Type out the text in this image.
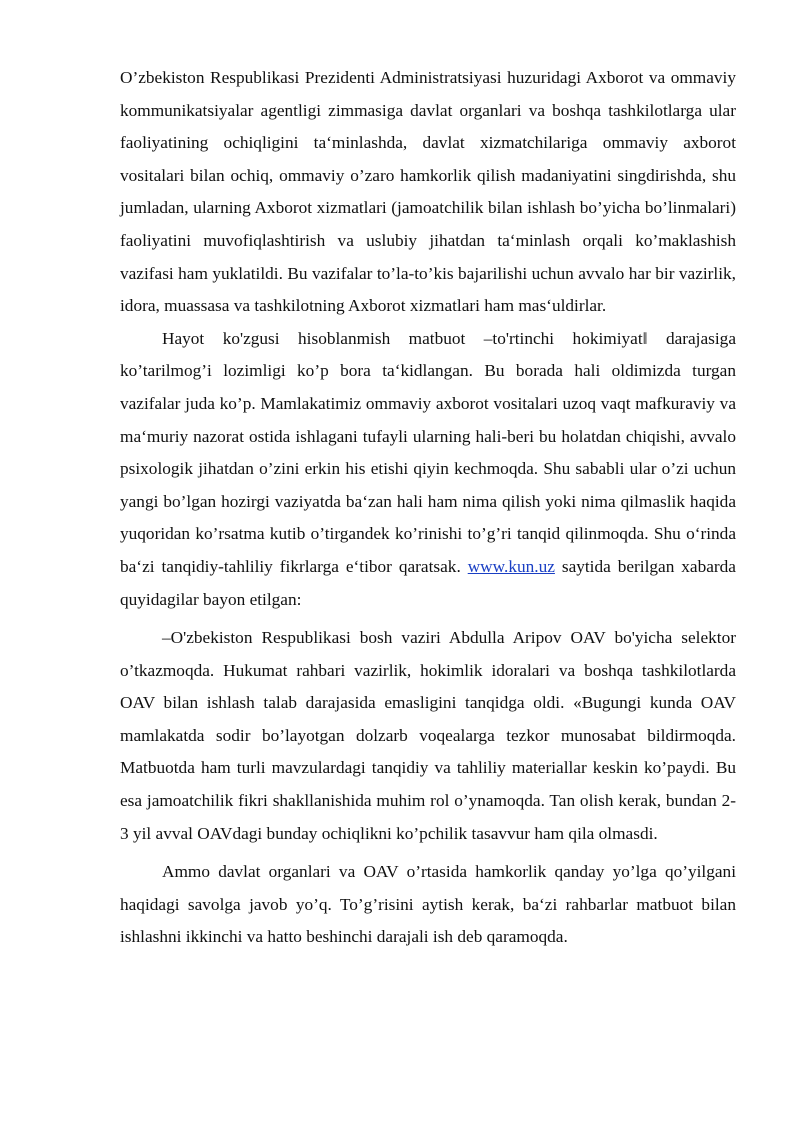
O’zbekiston Respublikasi Prezidenti Administratsiyasi huzuridagi Axborot va ommaviy kommunikatsiyalar agentligi zimmasiga davlat organlari va boshqa tashkilotlarga ular faoliyatining ochiqligini ta‘minlashda, davlat xizmatchilariga ommaviy axborot vositalari bilan ochiq, ommaviy o’zaro hamkorlik qilish madaniyatini singdirishda, shu jumladan, ularning Axborot xizmatlari (jamoatchilik bilan ishlash bo’yicha bo’linmalari) faoliyatini muvofiqlashtirish va uslubiy jihatdan ta‘minlash orqali ko’maklashish vazifasi ham yuklatildi. Bu vazifalar to’la-to’kis bajarilishi uchun avvalo har bir vazirlik, idora, muassasa va tashkilotning Axborot xizmatlari ham mas‘uldirlar.

Hayot ko'zgusi hisoblanmish matbuot –to'rtinchi hokimiyat‖ darajasiga ko’tarilmog’i lozimligi ko’p bora ta‘kidlangan. Bu borada hali oldimizda turgan vazifalar juda ko’p. Mamlakatimiz ommaviy axborot vositalari uzoq vaqt mafkuraviy va ma‘muriy nazorat ostida ishlagani tufayli ularning hali-beri bu holatdan chiqishi, avvalo psixologik jihatdan o’zini erkin his etishi qiyin kechmoqda. Shu sababli ular o’zi uchun yangi bo’lgan hozirgi vaziyatda ba‘zan hali ham nima qilish yoki nima qilmaslik haqida yuqoridan ko’rsatma kutib o’tirgandek ko’rinishi to’g’ri tanqid qilinmoqda. Shu o‘rinda ba‘zi tanqidiy-tahliliy fikrlarga e‘tibor qaratsak. www.kun.uz saytida berilgan xabarda quyidagilar bayon etilgan:

–O'zbekiston Respublikasi bosh vaziri Abdulla Aripov OAV bo'yicha selektor o’tkazmoqda. Hukumat rahbari vazirlik, hokimlik idoralari va boshqa tashkilotlarda OAV bilan ishlash talab darajasida emasligini tanqidga oldi. «Bugungi kunda OAV mamlakatda sodir bo’layotgan dolzarb voqealarga tezkor munosabat bildirmoqda. Matbuotda ham turli mavzulardagi tanqidiy va tahliliy materiallar keskin ko’paydi. Bu esa jamoatchilik fikri shakllanishida muhim rol o’ynamoqda. Tan olish kerak, bundan 2-3 yil avval OAVdagi bunday ochiqlikni ko’pchilik tasavvur ham qila olmasdi.

Ammo davlat organlari va OAV o’rtasida hamkorlik qanday yo’lga qo’yilgani haqidagi savolga javob yo’q. To’g’risini aytish kerak, ba‘zi rahbarlar matbuot bilan ishlashni ikkinchi va hatto beshinchi darajali ish deb qaramoqda.
